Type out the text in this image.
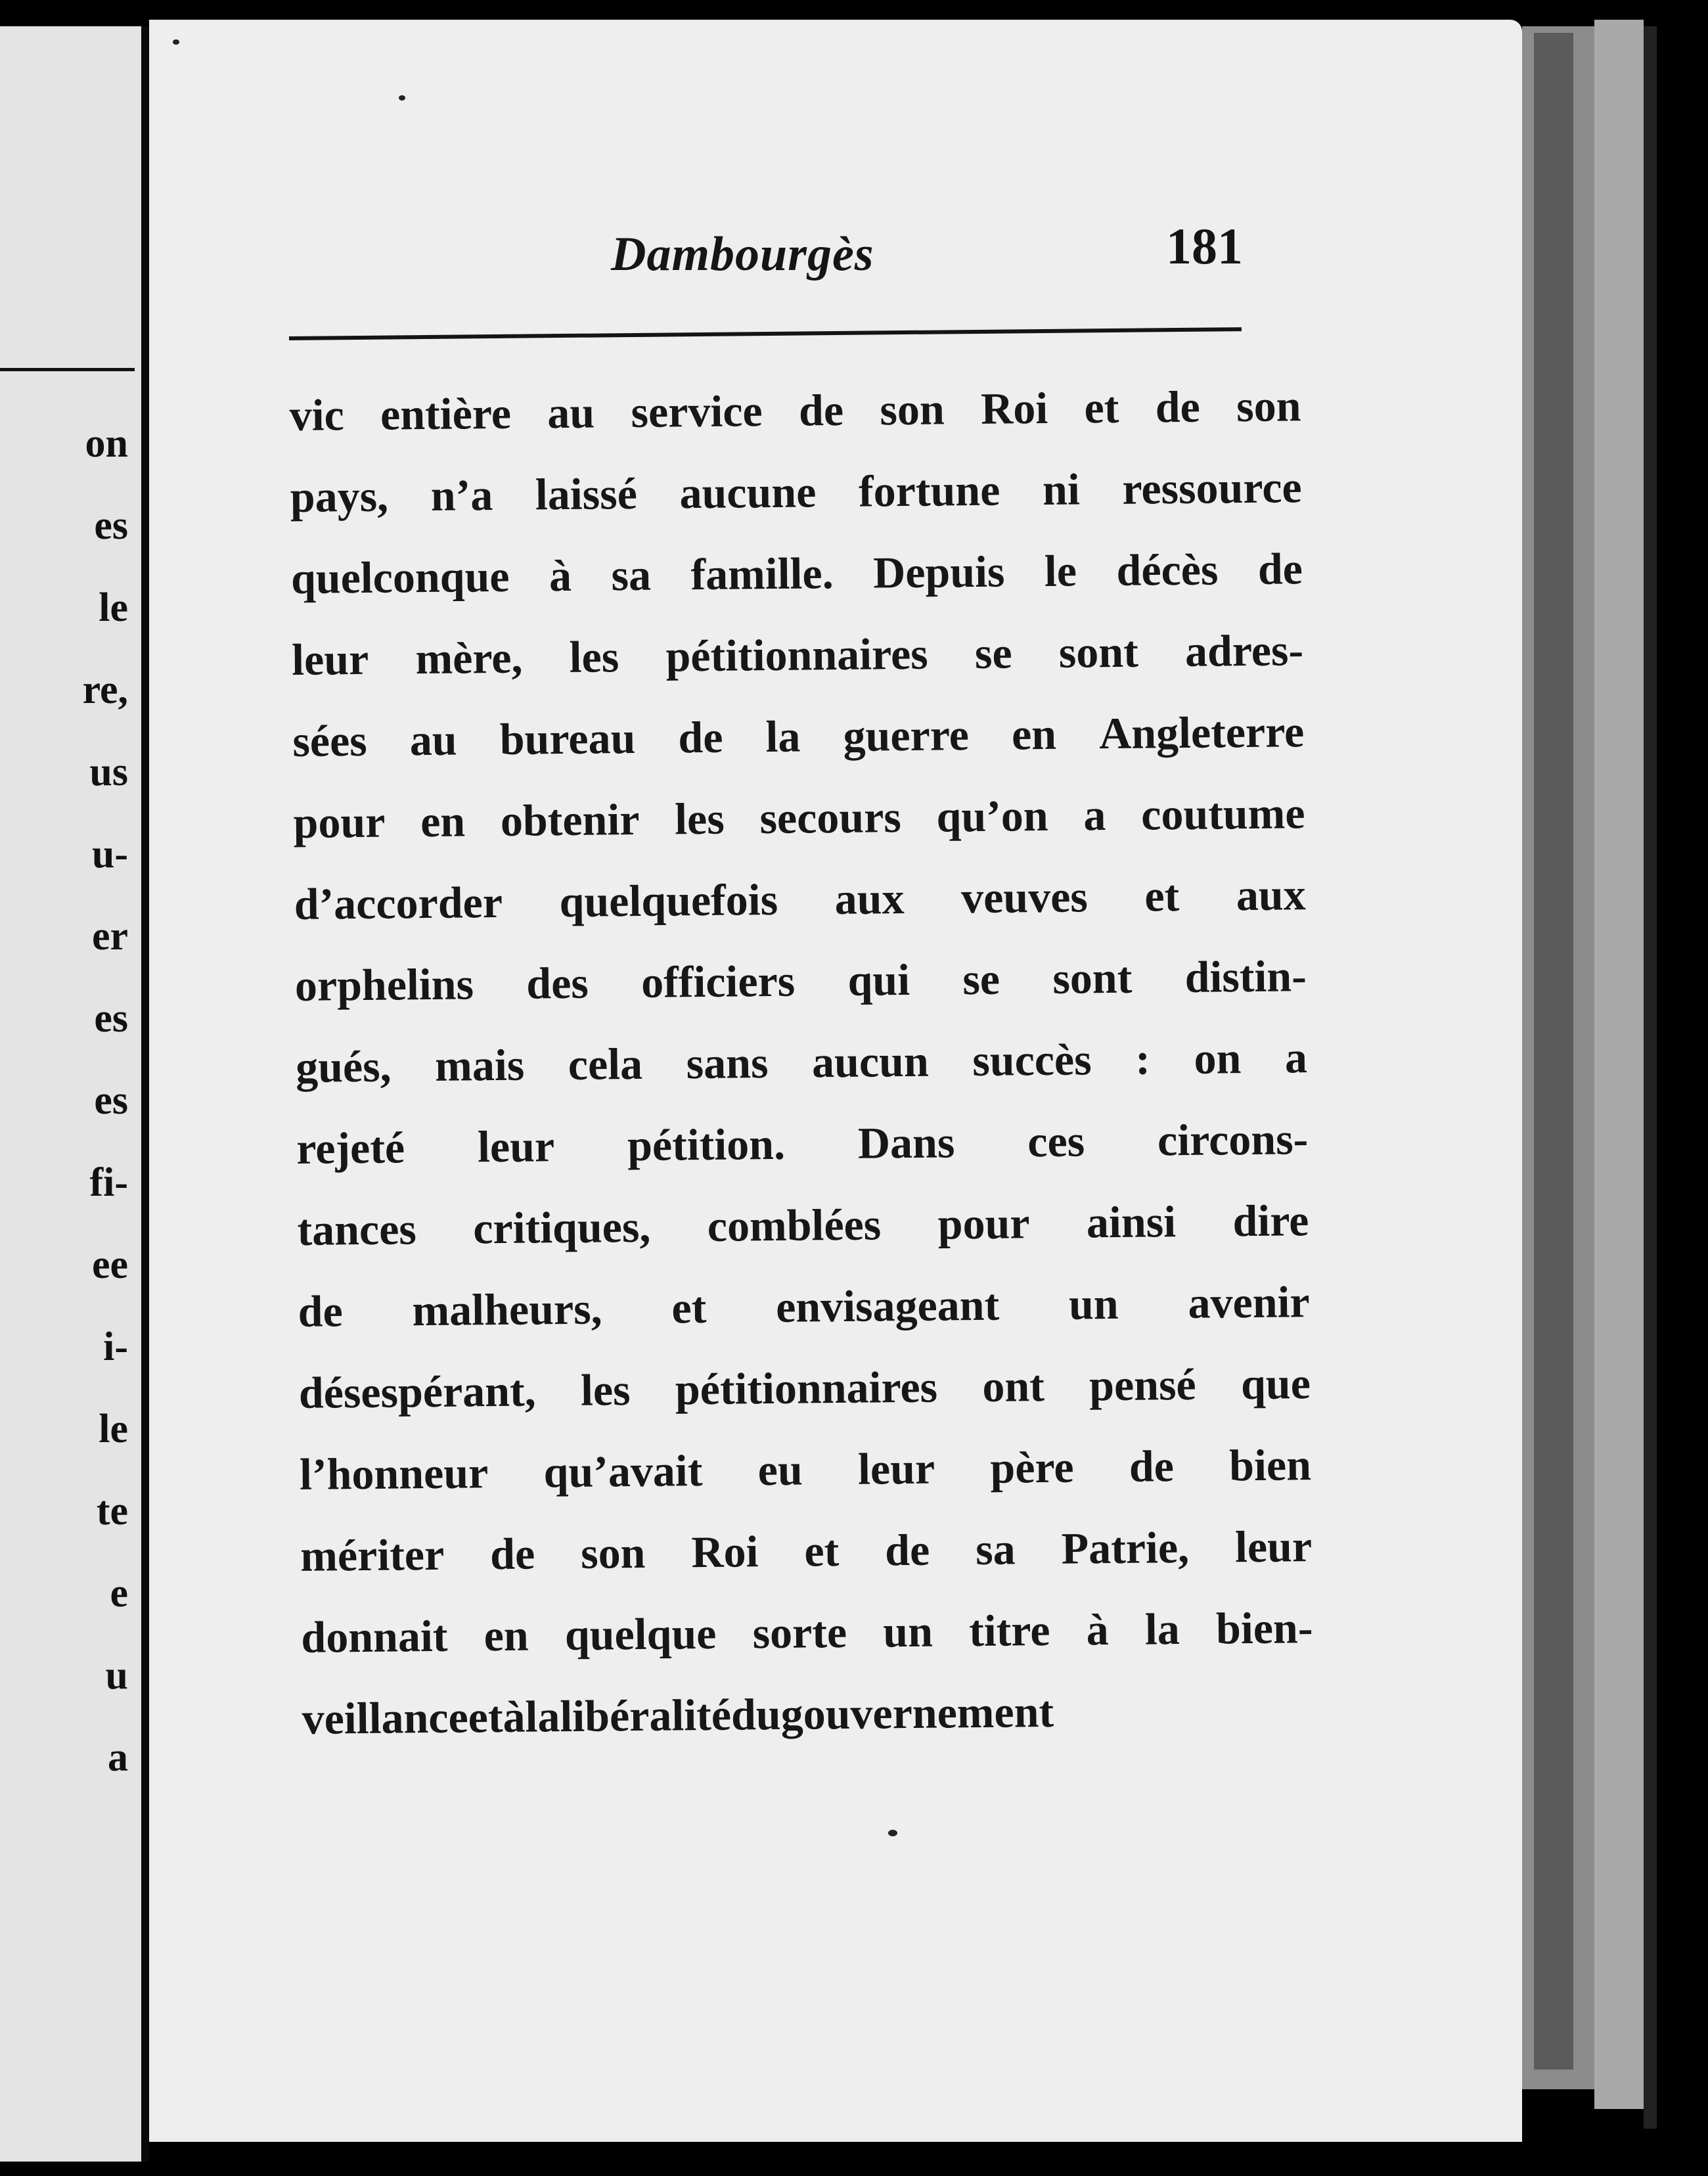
on
es
le
re,
us
u-
er
es
es
fi-
ee
i-
le
te
e
u
a
Dambourgès	181
vic entière au service de son Roi et de son
pays, n’a laissé aucune fortune ni ressource
quelconque à sa famille. Depuis le décès de
leur mère, les pétitionnaires se sont adres-
sées au bureau de la guerre en Angleterre
pour en obtenir les secours qu’on a coutume
d’accorder quelquefois aux veuves et aux
orphelins des officiers qui se sont distin-
gués, mais cela sans aucun succès : on a
rejeté leur pétition. Dans ces circons-
tances critiques, comblées pour ainsi dire
de malheurs, et envisageant un avenir
désespérant, les pétitionnaires ont pensé que
l’honneur qu’avait eu leur père de bien
mériter de son Roi et de sa Patrie, leur
donnait en quelque sorte un titre à la bien-
veillance et à la libéralité du gouvernement
